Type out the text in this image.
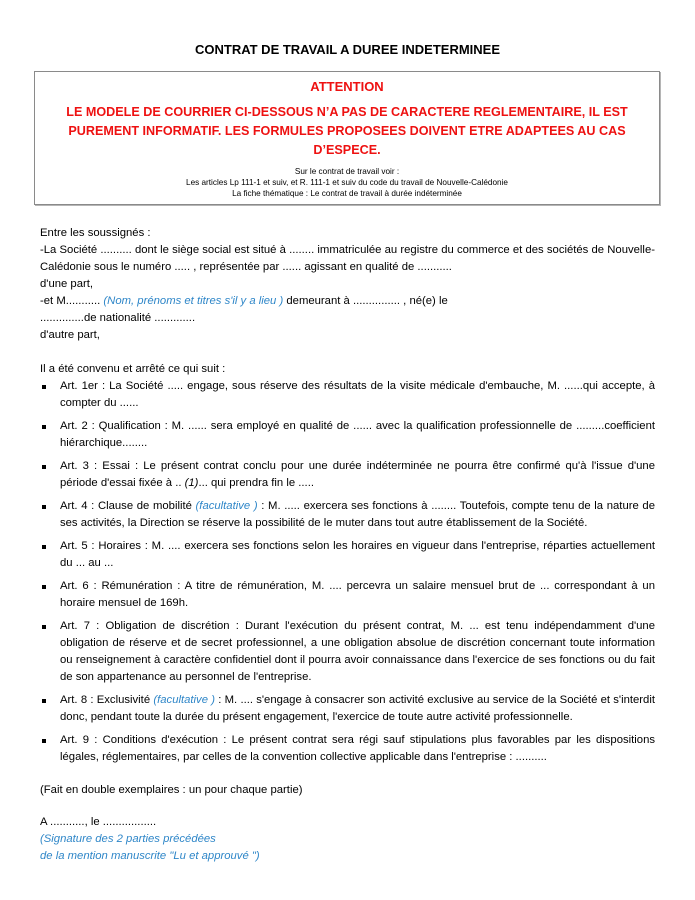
CONTRAT DE TRAVAIL A DUREE INDETERMINEE
ATTENTION
LE MODELE DE COURRIER CI-DESSOUS N’A PAS DE CARACTERE REGLEMENTAIRE, IL EST PUREMENT INFORMATIF. LES FORMULES PROPOSEES DOIVENT ETRE ADAPTEES AU CAS D’ESPECE.
Sur le contrat de travail voir :
Les articles Lp 111-1 et suiv, et R. 111-1 et suiv du code du travail de Nouvelle-Calédonie
La fiche thématique : Le contrat de travail à durée indéterminée

Entre les soussignés :

-La Société .......... dont le siège social est situé à ........ immatriculée au registre du commerce et des sociétés de Nouvelle-Calédonie sous le numéro ..... , représentée par ...... agissant en qualité de ...........

d'une part,

-et M........... (Nom, prénoms et titres s'il y a lieu ) demeurant à ............... , né(e) le

..............de nationalité .............

d'autre part,

Il a été convenu et arrêté ce qui suit :

Art. 1er : La Société ..... engage, sous réserve des résultats de la visite médicale d'embauche, M. ......qui accepte, à compter du ......
Art. 2 : Qualification : M. ...... sera employé en qualité de ...... avec la qualification professionnelle de .........coefficient hiérarchique........
Art. 3 : Essai : Le présent contrat conclu pour une durée indéterminée ne pourra être confirmé qu'à l'issue d'une période d'essai fixée à .. (1)... qui prendra fin le .....
Art. 4 : Clause de mobilité (facultative ) : M. ..... exercera ses fonctions à ........ Toutefois, compte tenu de la nature de ses activités, la Direction se réserve la possibilité de le muter dans tout autre établissement de la Société.
Art. 5 : Horaires : M. .... exercera ses fonctions selon les horaires en vigueur dans l'entreprise, réparties actuellement du ... au ...
Art. 6 : Rémunération : A titre de rémunération, M. .... percevra un salaire mensuel brut de ... correspondant à un horaire mensuel de 169h.
Art. 7 : Obligation de discrétion : Durant l'exécution du présent contrat, M. ... est tenu indépendamment d'une obligation de réserve et de secret professionnel, a une obligation absolue de discrétion concernant toute information ou renseignement à caractère confidentiel dont il pourra avoir connaissance dans l'exercice de ses fonctions ou du fait de son appartenance au personnel de l'entreprise.
Art. 8 : Exclusivité (facultative ) : M. .... s'engage à consacrer son activité exclusive au service de la Société et s'interdit donc, pendant toute la durée du présent engagement, l'exercice de toute autre activité professionnelle.
Art. 9 : Conditions d'exécution : Le présent contrat sera régi sauf stipulations plus favorables par les dispositions légales, réglementaires, par celles de la convention collective applicable dans l'entreprise : ..........
(Fait en double exemplaires : un pour chaque partie)
A ..........., le .................
(Signature des 2 parties précédées
de la mention manuscrite "Lu et approuvé ")
